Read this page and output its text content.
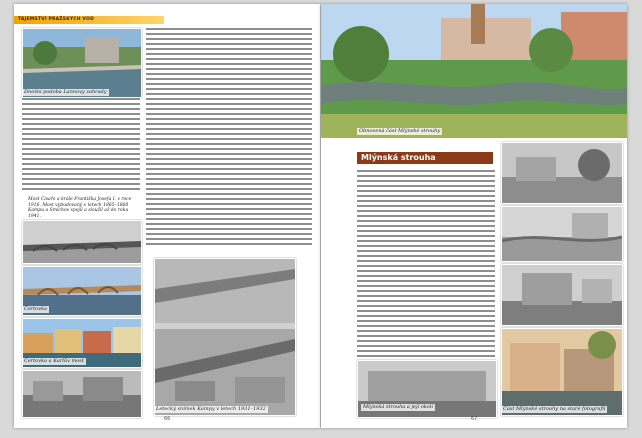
TAJEMSTVÍ PRAŽSKÝCH VOD
Dnešní podoba Lannovy zahrady
Most Císaře a krále Františka Josefa I. v roce 1916. Most vybudovaný v letech 1865–1868 Kampu a Smíchov spojil a sloužil až do roku 1941.
Čertovka
Čertovka a Karlův most
Letecký snímek Kampy v letech 1931–1932
66
Obnovená část Mlýnské strouhy
Mlýnská strouha
Mlýnská strouha a její okolí	Část Mlýnské strouhy na staré fotografii
67
